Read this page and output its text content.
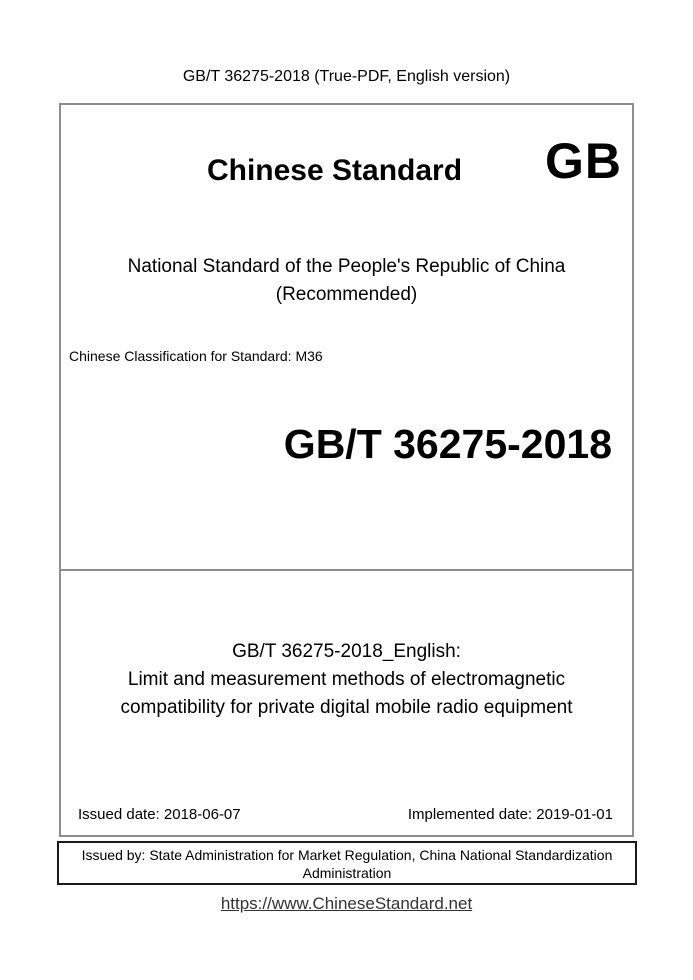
GB/T 36275-2018 (True-PDF, English version)
Chinese Standard	GB
National Standard of the People's Republic of China
(Recommended)
Chinese Classification for Standard: M36
GB/T 36275-2018
GB/T 36275-2018_English:
Limit and measurement methods of electromagnetic
compatibility for private digital mobile radio equipment
Issued date: 2018-06-07	Implemented date: 2019-01-01
Issued by: State Administration for Market Regulation, China National Standardization
Administration
https://www.ChineseStandard.net
